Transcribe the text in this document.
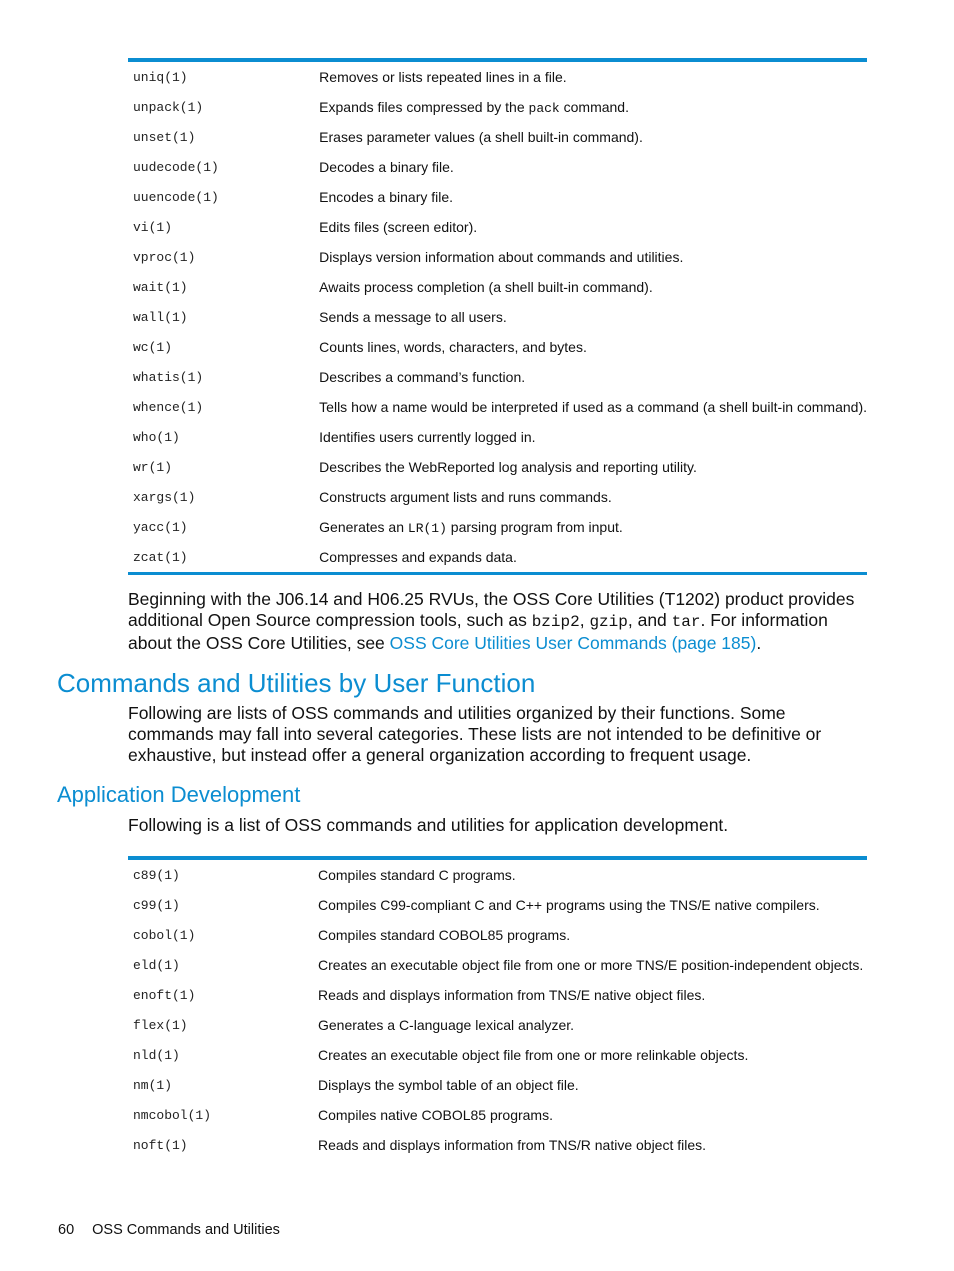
uniq(1)	Removes or lists repeated lines in a file.
unpack(1)	Expands files compressed by the pack command.
unset(1)	Erases parameter values (a shell built-in command).
uudecode(1)	Decodes a binary file.
uuencode(1)	Encodes a binary file.
vi(1)	Edits files (screen editor).
vproc(1)	Displays version information about commands and utilities.
wait(1)	Awaits process completion (a shell built-in command).
wall(1)	Sends a message to all users.
wc(1)	Counts lines, words, characters, and bytes.
whatis(1)	Describes a command’s function.
whence(1)	Tells how a name would be interpreted if used as a command (a shell built-in command).
who(1)	Identifies users currently logged in.
wr(1)	Describes the WebReported log analysis and reporting utility.
xargs(1)	Constructs argument lists and runs commands.
yacc(1)	Generates an LR(1) parsing program from input.
zcat(1)	Compresses and expands data.

Beginning with the J06.14 and H06.25 RVUs, the OSS Core Utilities (T1202) product provides additional Open Source compression tools, such as bzip2, gzip, and tar. For information about the OSS Core Utilities, see OSS Core Utilities User Commands (page 185).

Commands and Utilities by User Function

Following are lists of OSS commands and utilities organized by their functions. Some commands may fall into several categories. These lists are not intended to be definitive or exhaustive, but instead offer a general organization according to frequent usage.

Application Development

Following is a list of OSS commands and utilities for application development.

c89(1)	Compiles standard C programs.
c99(1)	Compiles C99-compliant C and C++ programs using the TNS/E native compilers.
cobol(1)	Compiles standard COBOL85 programs.
eld(1)	Creates an executable object file from one or more TNS/E position-independent objects.
enoft(1)	Reads and displays information from TNS/E native object files.
flex(1)	Generates a C-language lexical analyzer.
nld(1)	Creates an executable object file from one or more relinkable objects.
nm(1)	Displays the symbol table of an object file.
nmcobol(1)	Compiles native COBOL85 programs.
noft(1)	Reads and displays information from TNS/R native object files.
60 OSS Commands and Utilities
